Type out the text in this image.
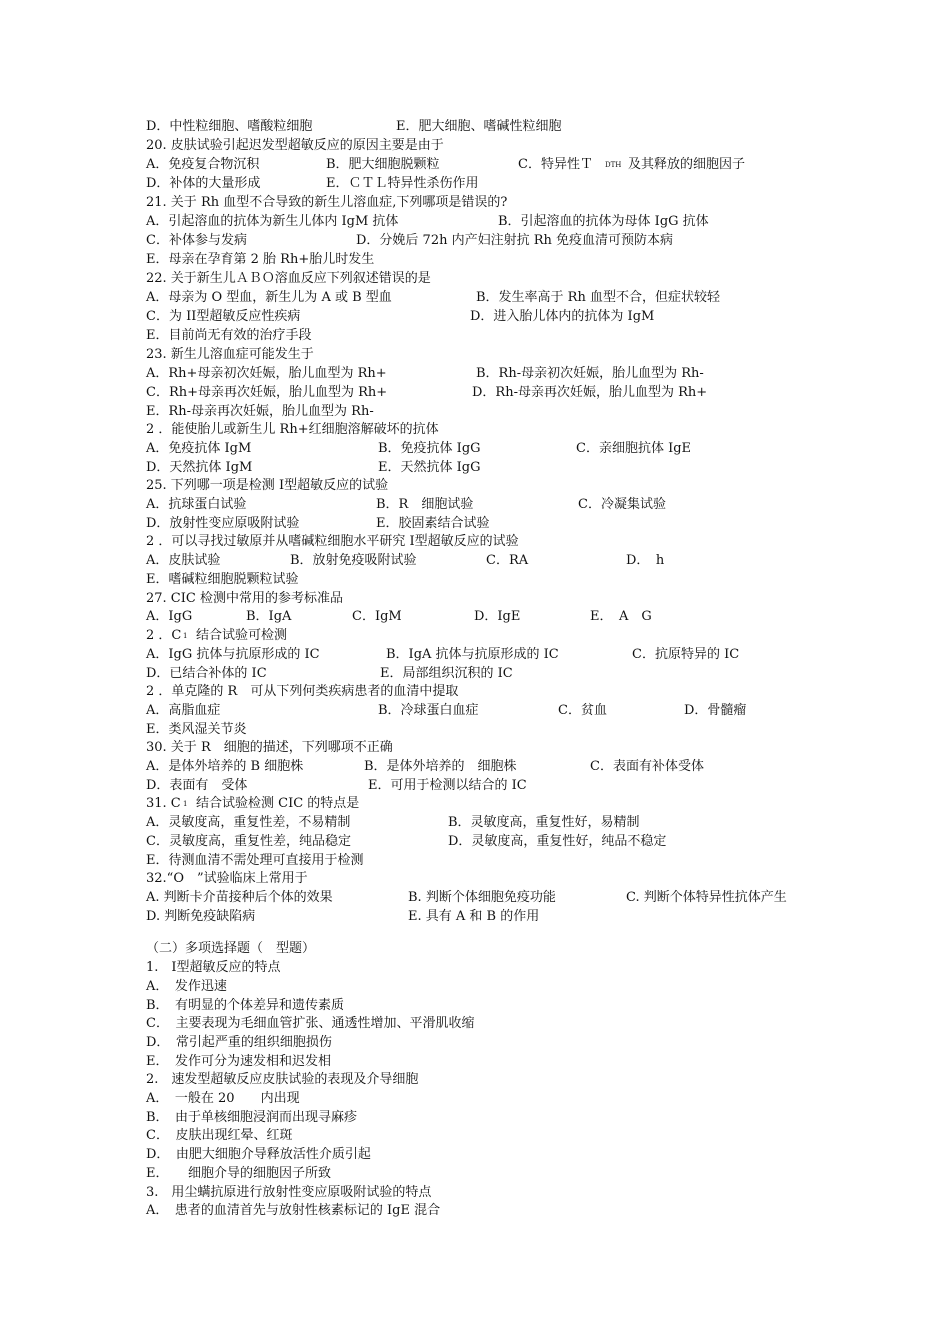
D．中性粒细胞、嗜酸粒细胞	E．肥大细胞、嗜碱性粒细胞
20. 皮肤试验引起迟发型超敏反应的原因主要是由于
A．免疫复合物沉积	B．肥大细胞脱颗粒	C．特异性Ｔ DTH 及其释放的细胞因子
D．补体的大量形成	E．ＣＴＬ特异性杀伤作用
21. 关于 Rh 血型不合导致的新生儿溶血症,下列哪项是错误的?
A．引起溶血的抗体为新生儿体内 IgM 抗体	B．引起溶血的抗体为母体 IgG 抗体
C．补体参与发病	D．分娩后 72h 内产妇注射抗 Rh 免疫血清可预防本病
E．母亲在孕育第 2 胎 Rh+胎儿时发生
22. 关于新生儿ＡＢＯ溶血反应下列叙述错误的是
A．母亲为 O 型血，新生儿为 A 或 B 型血	B．发生率高于 Rh 血型不合，但症状较轻
C．为 II型超敏反应性疾病	D．进入胎儿体内的抗体为 IgM
E．目前尚无有效的治疗手段
23. 新生儿溶血症可能发生于
A．Rh+母亲初次妊娠，胎儿血型为 Rh+	B．Rh-母亲初次妊娠，胎儿血型为 Rh-
C．Rh+母亲再次妊娠，胎儿血型为 Rh+	D．Rh-母亲再次妊娠，胎儿血型为 Rh+
E．Rh-母亲再次妊娠，胎儿血型为 Rh-
2 ．能使胎儿或新生儿 Rh+红细胞溶解破坏的抗体
A．免疫抗体 IgM	B．免疫抗体 IgG	C．亲细胞抗体 IgE
D．天然抗体 IgM	E．天然抗体 IgG
25. 下列哪一项是检测 I型超敏反应的试验
A．抗球蛋白试验	B．R　细胞试验	C．冷凝集试验
D．放射性变应原吸附试验	E．胶固素结合试验
2 ．可以寻找过敏原并从嗜碱粒细胞水平研究 I型超敏反应的试验
A．皮肤试验	B．放射免疫吸附试验	C．RA	D．　h
E．嗜碱粒细胞脱颗粒试验
27. CIC 检测中常用的参考标准品
A．IgG	B．IgA	C．IgM	D．IgE	E．　A　G
2 ．C 1 结合试验可检测
A．IgG 抗体与抗原形成的 IC	B．IgA 抗体与抗原形成的 IC	C．抗原特异的 IC
D．已结合补体的 IC	E．局部组织沉积的 IC
2 ．单克隆的 R　可从下列何类疾病患者的血清中提取
A．高脂血症	B．冷球蛋白血症	C．贫血	D．骨髓瘤
E．类风湿关节炎
30. 关于 R　细胞的描述，下列哪项不正确
A．是体外培养的 B 细胞株	B．是体外培养的　细胞株	C．表面有补体受体
D．表面有　受体	E．可用于检测以结合的 IC
31. C 1 结合试验检测 CIC 的特点是
A．灵敏度高，重复性差，不易精制	B．灵敏度高，重复性好，易精制
C．灵敏度高，重复性差，纯品稳定	D．灵敏度高，重复性好，纯品不稳定
E．待测血清不需处理可直接用于检测
32.“O　”试验临床上常用于
A. 判断卡介苗接种后个体的效果	B. 判断个体细胞免疫功能	C. 判断个体特异性抗体产生
D. 判断免疫缺陷病	E. 具有 A 和 B 的作用
（二）多项选择题（　型题）
1.　I型超敏反应的特点
A．　发作迅速
B．　有明显的个体差异和遗传素质
C．　主要表现为毛细血管扩张、通透性增加、平滑肌收缩
D．　常引起严重的组织细胞损伤
E．　发作可分为速发相和迟发相
2.　速发型超敏反应皮肤试验的表现及介导细胞
A．　一般在 20　　内出现
B．　由于单核细胞浸润而出现寻麻疹
C．　皮肤出现红晕、红斑
D．　由肥大细胞介导释放活性介质引起
E．　　细胞介导的细胞因子所致
3.　用尘螨抗原进行放射性变应原吸附试验的特点
A．　患者的血清首先与放射性核素标记的 IgE 混合
